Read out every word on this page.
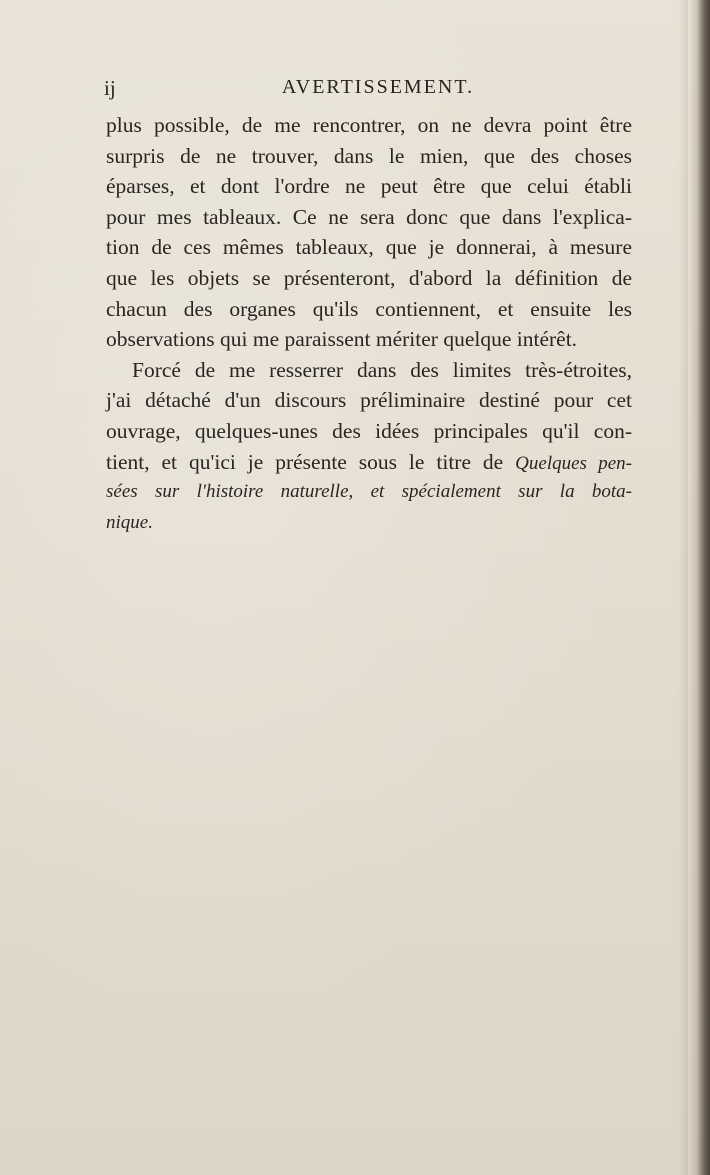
ij	AVERTISSEMENT.
plus possible, de me rencontrer, on ne devra point être
surpris de ne trouver, dans le mien, que des choses
éparses, et dont l'ordre ne peut être que celui établi
pour mes tableaux. Ce ne sera donc que dans l'explica-
tion de ces mêmes tableaux, que je donnerai, à mesure
que les objets se présenteront, d'abord la définition de
chacun des organes qu'ils contiennent, et ensuite les
observations qui me paraissent mériter quelque intérêt.
Forcé de me resserrer dans des limites très-étroites,
j'ai détaché d'un discours préliminaire destiné pour cet
ouvrage, quelques-unes des idées principales qu'il con-
tient, et qu'ici je présente sous le titre de Quelques pen-
sées sur l'histoire naturelle, et spécialement sur la bota-
nique.
